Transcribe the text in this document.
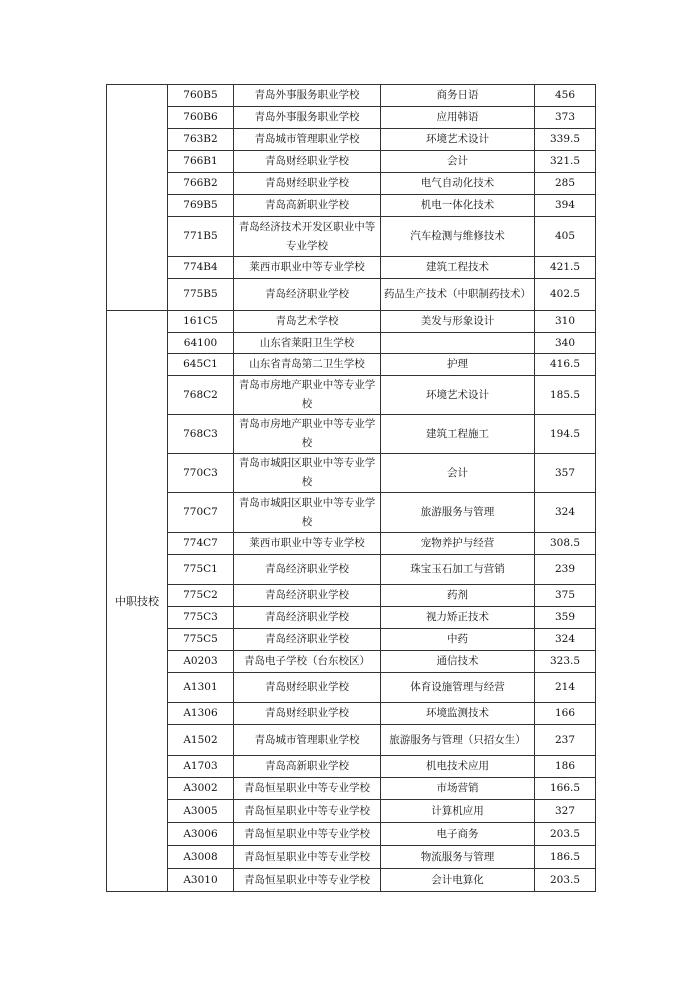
	760B5	青岛外事服务职业学校	商务日语	456
	760B6	青岛外事服务职业学校	应用韩语	373
	763B2	青岛城市管理职业学校	环境艺术设计	339.5
	766B1	青岛财经职业学校	会计	321.5
	766B2	青岛财经职业学校	电气自动化技术	285
	769B5	青岛高新职业学校	机电一体化技术	394
	771B5	青岛经济技术开发区职业中等专业学校	汽车检测与维修技术	405
	774B4	莱西市职业中等专业学校	建筑工程技术	421.5
	775B5	青岛经济职业学校	药品生产技术（中职制药技术）	402.5
中职技校	161C5	青岛艺术学校	美发与形象设计	310
	64100	山东省莱阳卫生学校		340
	645C1	山东省青岛第二卫生学校	护理	416.5
	768C2	青岛市房地产职业中等专业学校	环境艺术设计	185.5
	768C3	青岛市房地产职业中等专业学校	建筑工程施工	194.5
	770C3	青岛市城阳区职业中等专业学校	会计	357
	770C7	青岛市城阳区职业中等专业学校	旅游服务与管理	324
	774C7	莱西市职业中等专业学校	宠物养护与经营	308.5
	775C1	青岛经济职业学校	珠宝玉石加工与营销	239
	775C2	青岛经济职业学校	药剂	375
	775C3	青岛经济职业学校	视力矫正技术	359
	775C5	青岛经济职业学校	中药	324
	A0203	青岛电子学校（台东校区）	通信技术	323.5
	A1301	青岛财经职业学校	体育设施管理与经营	214
	A1306	青岛财经职业学校	环境监测技术	166
	A1502	青岛城市管理职业学校	旅游服务与管理（只招女生）	237
	A1703	青岛高新职业学校	机电技术应用	186
	A3002	青岛恒星职业中等专业学校	市场营销	166.5
	A3005	青岛恒星职业中等专业学校	计算机应用	327
	A3006	青岛恒星职业中等专业学校	电子商务	203.5
	A3008	青岛恒星职业中等专业学校	物流服务与管理	186.5
	A3010	青岛恒星职业中等专业学校	会计电算化	203.5
